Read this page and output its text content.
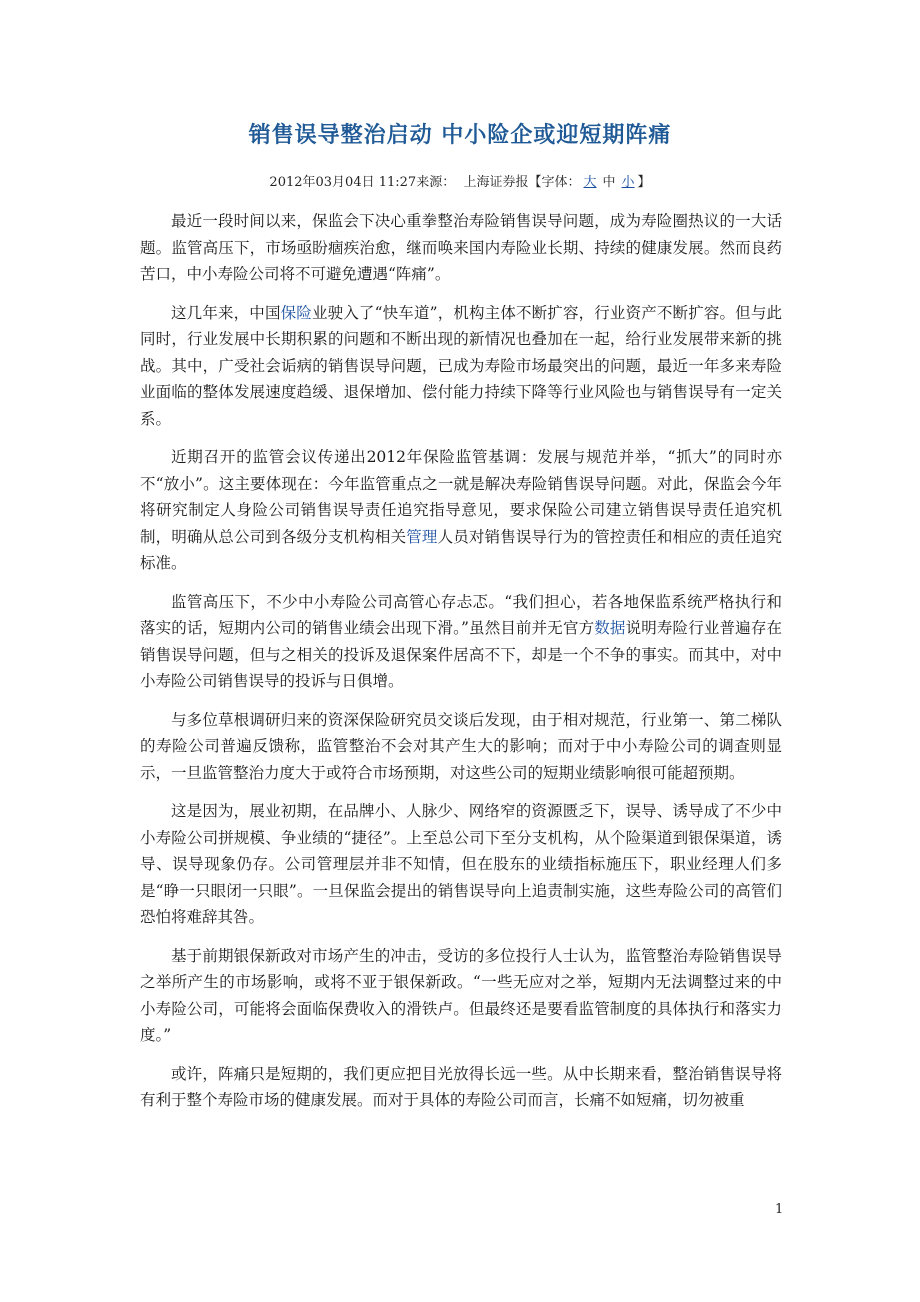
销售误导整治启动 中小险企或迎短期阵痛
2012年03月04日 11:27来源： 上海证券报【字体： 大 中 小 】

最近一段时间以来，保监会下决心重拳整治寿险销售误导问题，成为寿险圈热议的一大话题。监管高压下，市场亟盼痼疾治愈，继而唤来国内寿险业长期、持续的健康发展。然而良药苦口，中小寿险公司将不可避免遭遇“阵痛”。

这几年来，中国保险业驶入了“快车道”，机构主体不断扩容，行业资产不断扩容。但与此同时，行业发展中长期积累的问题和不断出现的新情况也叠加在一起，给行业发展带来新的挑战。其中，广受社会诟病的销售误导问题，已成为寿险市场最突出的问题，最近一年多来寿险业面临的整体发展速度趋缓、退保增加、偿付能力持续下降等行业风险也与销售误导有一定关系。

近期召开的监管会议传递出2012年保险监管基调：发展与规范并举，“抓大”的同时亦不“放小”。这主要体现在：今年监管重点之一就是解决寿险销售误导问题。对此，保监会今年将研究制定人身险公司销售误导责任追究指导意见，要求保险公司建立销售误导责任追究机制，明确从总公司到各级分支机构相关管理人员对销售误导行为的管控责任和相应的责任追究标准。

监管高压下，不少中小寿险公司高管心存忐忑。“我们担心，若各地保监系统严格执行和落实的话，短期内公司的销售业绩会出现下滑。”虽然目前并无官方数据说明寿险行业普遍存在销售误导问题，但与之相关的投诉及退保案件居高不下，却是一个不争的事实。而其中，对中小寿险公司销售误导的投诉与日俱增。

与多位草根调研归来的资深保险研究员交谈后发现，由于相对规范，行业第一、第二梯队的寿险公司普遍反馈称，监管整治不会对其产生大的影响；而对于中小寿险公司的调查则显示，一旦监管整治力度大于或符合市场预期，对这些公司的短期业绩影响很可能超预期。

这是因为，展业初期，在品牌小、人脉少、网络窄的资源匮乏下，误导、诱导成了不少中小寿险公司拼规模、争业绩的“捷径”。上至总公司下至分支机构，从个险渠道到银保渠道，诱导、误导现象仍存。公司管理层并非不知情，但在股东的业绩指标施压下，职业经理人们多是“睁一只眼闭一只眼”。一旦保监会提出的销售误导向上追责制实施，这些寿险公司的高管们恐怕将难辞其咎。

基于前期银保新政对市场产生的冲击，受访的多位投行人士认为，监管整治寿险销售误导之举所产生的市场影响，或将不亚于银保新政。“一些无应对之举，短期内无法调整过来的中小寿险公司，可能将会面临保费收入的滑铁卢。但最终还是要看监管制度的具体执行和落实力度。”

或许，阵痛只是短期的，我们更应把目光放得长远一些。从中长期来看，整治销售误导将有利于整个寿险市场的健康发展。而对于具体的寿险公司而言，长痛不如短痛，切勿被重

1
